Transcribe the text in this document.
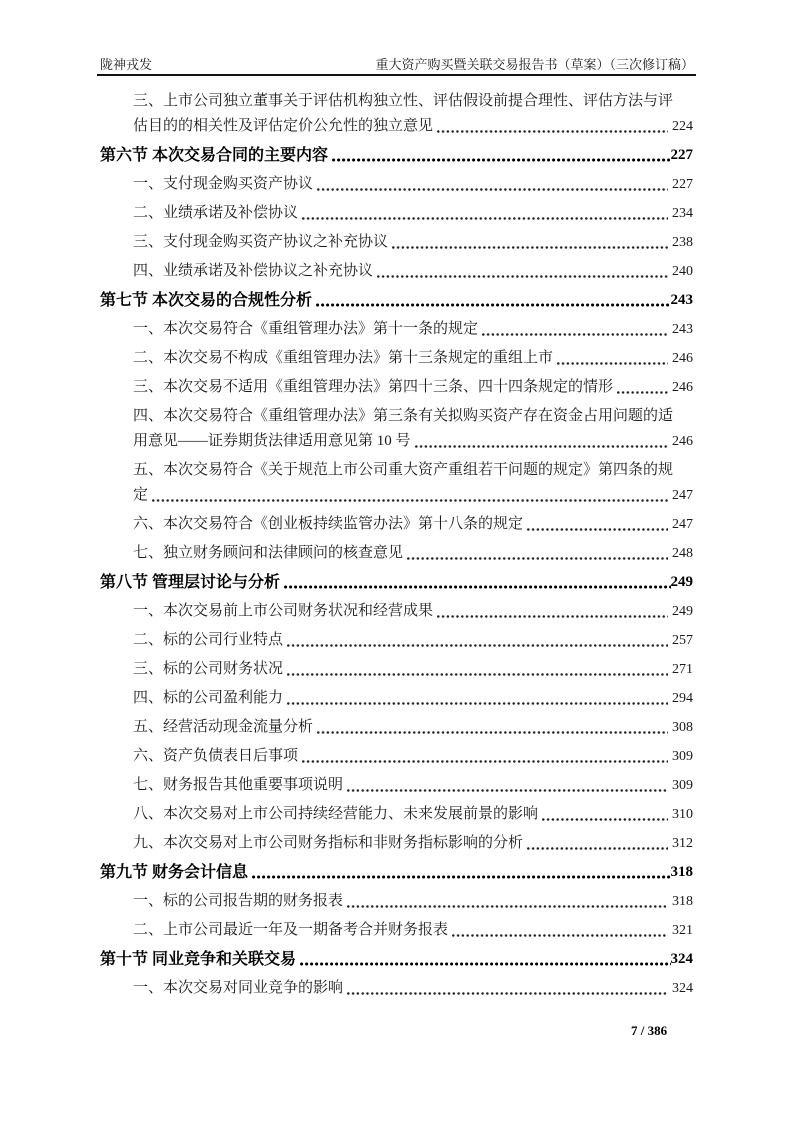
陇神戎发	重大资产购买暨关联交易报告书（草案）（三次修订稿）
三、上市公司独立董事关于评估机构独立性、评估假设前提合理性、评估方法与评
估目的的相关性及评估定价公允性的独立意见	224
第六节 本次交易合同的主要内容	227
一、支付现金购买资产协议	227
二、业绩承诺及补偿协议	234
三、支付现金购买资产协议之补充协议	238
四、业绩承诺及补偿协议之补充协议	240
第七节 本次交易的合规性分析	243
一、本次交易符合《重组管理办法》第十一条的规定	243
二、本次交易不构成《重组管理办法》第十三条规定的重组上市	246
三、本次交易不适用《重组管理办法》第四十三条、四十四条规定的情形	246
四、本次交易符合《重组管理办法》第三条有关拟购买资产存在资金占用问题的适
用意见——证券期货法律适用意见第 10 号	246
五、本次交易符合《关于规范上市公司重大资产重组若干问题的规定》第四条的规
定	247
六、本次交易符合《创业板持续监管办法》第十八条的规定	247
七、独立财务顾问和法律顾问的核查意见	248
第八节 管理层讨论与分析	249
一、本次交易前上市公司财务状况和经营成果	249
二、标的公司行业特点	257
三、标的公司财务状况	271
四、标的公司盈利能力	294
五、经营活动现金流量分析	308
六、资产负债表日后事项	309
七、财务报告其他重要事项说明	309
八、本次交易对上市公司持续经营能力、未来发展前景的影响	310
九、本次交易对上市公司财务指标和非财务指标影响的分析	312
第九节 财务会计信息	318
一、标的公司报告期的财务报表	318
二、上市公司最近一年及一期备考合并财务报表	321
第十节 同业竞争和关联交易	324
一、本次交易对同业竞争的影响	324
7 / 386
